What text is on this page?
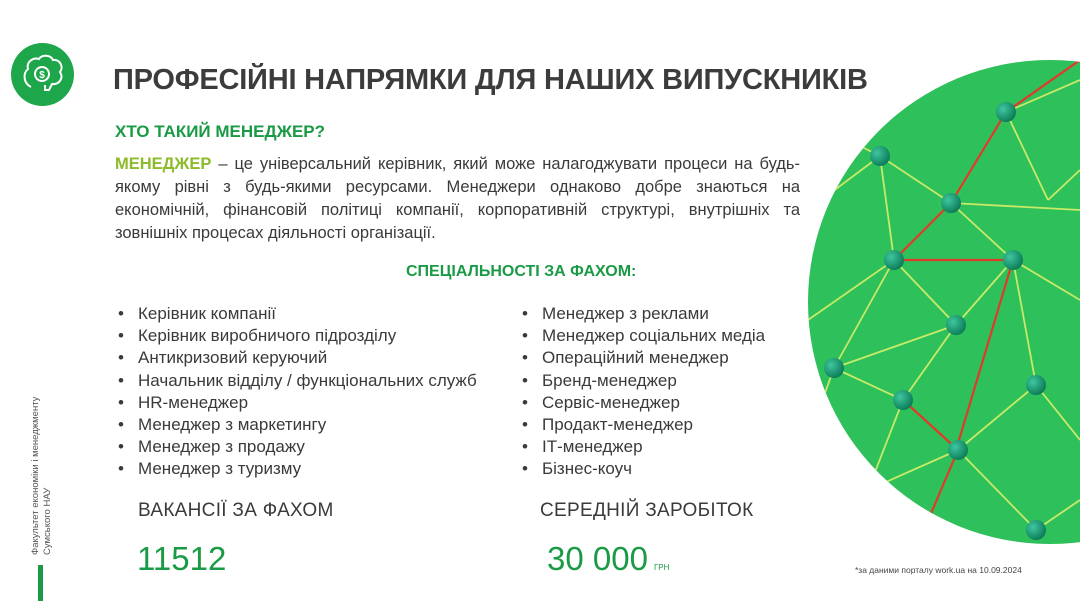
$ ПРОФЕСІЙНІ НАПРЯМКИ ДЛЯ НАШИХ ВИПУСКНИКІВ
ХТО ТАКИЙ МЕНЕДЖЕР?
МЕНЕДЖЕР – це універсальний керівник, який може налагоджувати процеси на будь-якому рівні з будь-якими ресурсами. Менеджери однаково добре знаються на економічній, фінансовій політиці компанії, корпоративній структурі, внутрішніх та зовнішніх процесах діяльності організації.
СПЕЦІАЛЬНОСТІ ЗА ФАХОМ:
• Керівник компанії
• Керівник виробничого підрозділу
• Антикризовий керуючий
• Начальник відділу / функціональних служб
• HR-менеджер
• Менеджер з маркетингу
• Менеджер з продажу
• Менеджер з туризму
• Менеджер з реклами
• Менеджер соціальних медіа
• Операційний менеджер
• Бренд-менеджер
• Сервіс-менеджер
• Продакт-менеджер
• ІТ-менеджер
• Бізнес-коуч
ВАКАНСІЇ ЗА ФАХОМ
11512
СЕРЕДНІЙ ЗАРОБІТОК
30 000 ГРН
Факультет економіки і менеджменту Сумського НАУ
*за даними порталу work.ua на 10.09.2024
